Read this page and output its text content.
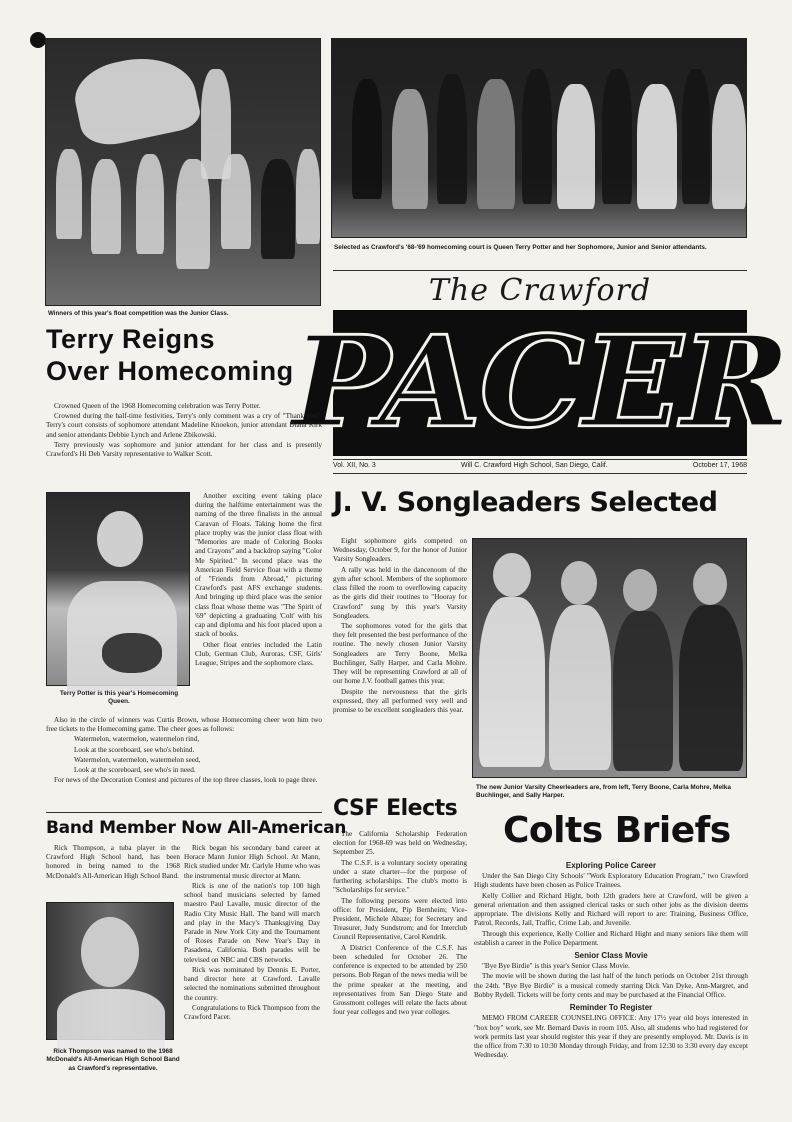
Winners of this year's float competition was the Junior Class.
Selected as Crawford's '68-'69 homecoming court is Queen Terry Potter and her Sophomore, Junior and Senior attendants.
The Crawford
PACER
Vol. XII, No. 3	Will C. Crawford High School, San Diego, Calif.	October 17, 1968
Terry Reigns
Over Homecoming

Crowned Queen of the 1968 Homecoming celebration was Terry Potter.

Crowned during the half-time festivities, Terry's only comment was a cry of "Thank you." Terry's court consists of sophomore attendant Madeline Knoekon, junior attendant Diana Kirk and senior attendants Debbie Lynch and Arlene Zbikowski.

Terry previously was sophomore and junior attendant for her class and is presently Crawford's Hi Deb Varsity representative to Walker Scott.

Terry Potter is this year's Homecoming Queen.

Another exciting event taking place during the halftime entertainment was the naming of the three finalists in the annual Caravan of Floats. Taking home the first place trophy was the junior class float with "Memories are made of Coloring Books and Crayons" and a backdrop saying "Color Me Spirited." In second place was the American Field Service float with a theme of "Friends from Abroad," picturing Crawford's past AFS exchange students. And bringing up third place was the senior class float whose theme was "The Spirit of '69" depicting a graduating 'Colt' with his cap and diploma and his foot placed upon a stack of books.

Other float entries included the Latin Club, German Club, Auroras, CSF, Girls' League, Stripes and the sophomore class.

Also in the circle of winners was Curtis Brown, whose Homecoming cheer won him two free tickets to the Homecoming game. The cheer goes as follows:

Watermelon, watermelon, watermelon rind,

Look at the scoreboard, see who's behind.

Watermelon, watermelon, watermelon seed,

Look at the scoreboard, see who's in need.

For news of the Decoration Contest and pictures of the top three classes, look to page three.

J. V. Songleaders Selected

Eight sophomore girls competed on Wednesday, October 9, for the honor of Junior Varsity Songleaders.

A rally was held in the dancenoom of the gym after school. Members of the sophomore class filled the room to overflowing capacity as the girls did their routines to "Hooray for Crawford" sung by this year's Varsity Songleaders.

The sophomores voted for the girls that they felt presented the best performance of the routine. The newly chosen Junior Varsity Songleaders are Terry Boone, Melka Buchlinger, Sally Harper, and Carla Mohre. They will be representing Crawford at all of our home J.V. football games this year.

Despite the nervousness that the girls expressed, they all performed very well and promise to be excellent songleaders this year.

The new Junior Varsity Cheerleaders are, from left, Terry Boone, Carla Mohre, Melka Buchlinger, and Sally Harper.
Band Member Now All-American

Rick Thompson, a tuba player in the Crawford High School band, has been honored in being named to the 1968 McDonald's All-American High School Band.

Rick Thompson was named to the 1968 McDonald's All-American High School Band as Crawford's representative.

Rick began his secondary band career at Horace Mann Junior High School. At Mann, Rick studied under Mr. Carlyle Hume who was the instrumental music director at Mann.

Rick is one of the nation's top 100 high school band musicians selected by famed maestro Paul Lavalle, music director of the Radio City Music Hall. The band will march and play in the Macy's Thanksgiving Day Parade in New York City and the Tournament of Roses Parade on New Year's Day in Pasadena, California. Both parades will be televised on NBC and CBS networks.

Rick was nominated by Dennis E. Porter, band director here at Crawford. Lavalle selected the nominations submitted throughout the country.

Congratulations to Rick Thompson from the Crawford Pacer.

CSF Elects

The California Scholarship Federation election for 1968-69 was held on Wednesday, September 25.

The C.S.F. is a voluntary society operating under a state charter—for the purpose of furthering scholarships. The club's motto is "Scholarships for service."

The following persons were elected into office: for President, Pip Bernheim; Vice-President, Michele Abaze; for Secretary and Treasurer, Judy Sundstrom; and for Interclub Council Representative, Carol Kendrik.

A District Conference of the C.S.F. has been scheduled for October 26. The conference is expected to be attended by 250 persons. Bob Regan of the news media will be the prime speaker at the meeting, and representatives from San Diego State and Grossmont colleges will relate the facts about four year colleges and two year colleges.

Colts Briefs
Exploring Police Career

Under the San Diego City Schools' "Work Exploratory Education Program," two Crawford High students have been chosen as Police Trainees.

Kelly Collier and Richard Hight, both 12th graders here at Crawford, will be given a general orientation and then assigned clerical tasks or such other jobs as the division deems appropriate. The divisions Kelly and Richard will report to are: Training, Business Office, Patrol, Records, Jail, Traffic, Crime Lab, and Juvenile.

Through this experience, Kelly Collier and Richard Hight and many seniors like them will establish a career in the Police Department.

Senior Class Movie

"Bye Bye Birdie" is this year's Senior Class Movie.

The movie will be shown during the last half of the lunch periods on October 21st through the 24th. "Bye Bye Birdie" is a musical comedy starring Dick Van Dyke, Ann-Margret, and Bobby Rydell. Tickets will be forty cents and may be purchased at the Financial Office.

Reminder To Register

MEMO FROM CAREER COUNSELING OFFICE: Any 17½ year old boys interested in "box boy" work, see Mr. Bernard Davis in room 105. Also, all students who had registered for work permits last year should register this year if they are presently employed. Mr. Davis is in the office from 7:30 to 10:30 Monday through Friday, and from 12:30 to 3:30 every day except Wednesday.
